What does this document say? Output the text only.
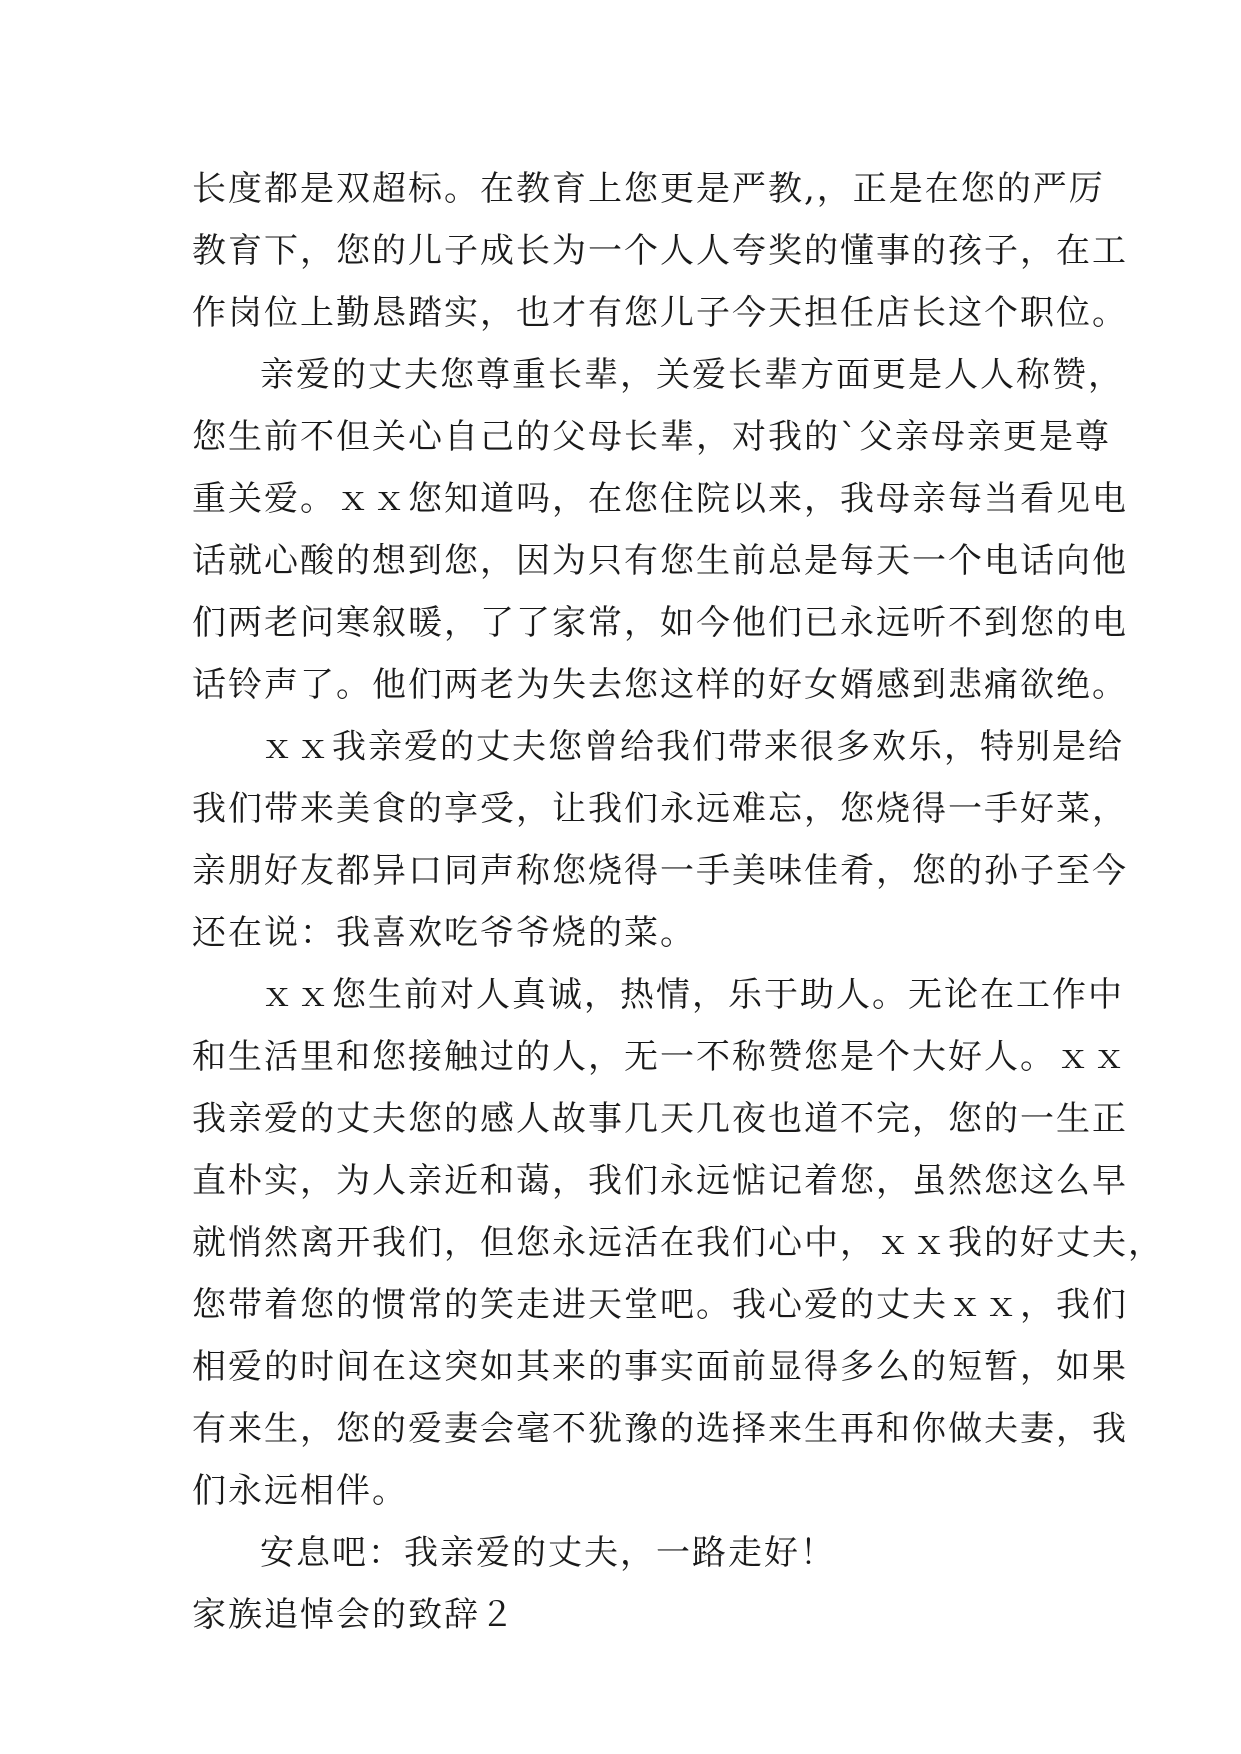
长度都是双超标。在教育上您更是严教,，正是在您的严厉
教育下，您的儿子成长为一个人人夸奖的懂事的孩子，在工
作岗位上勤恳踏实，也才有您儿子今天担任店长这个职位。
亲爱的丈夫您尊重长辈，关爱长辈方面更是人人称赞，
您生前不但关心自己的父母长辈，对我的`父亲母亲更是尊
重关爱。ｘｘ您知道吗，在您住院以来，我母亲每当看见电
话就心酸的想到您，因为只有您生前总是每天一个电话向他
们两老问寒叙暖，了了家常，如今他们已永远听不到您的电
话铃声了。他们两老为失去您这样的好女婿感到悲痛欲绝。
ｘｘ我亲爱的丈夫您曾给我们带来很多欢乐，特别是给
我们带来美食的享受，让我们永远难忘，您烧得一手好菜，
亲朋好友都异口同声称您烧得一手美味佳肴，您的孙子至今
还在说：我喜欢吃爷爷烧的菜。
ｘｘ您生前对人真诚，热情，乐于助人。无论在工作中
和生活里和您接触过的人，无一不称赞您是个大好人。ｘｘ
我亲爱的丈夫您的感人故事几天几夜也道不完，您的一生正
直朴实，为人亲近和蔼，我们永远惦记着您，虽然您这么早
就悄然离开我们，但您永远活在我们心中，ｘｘ我的好丈夫，
您带着您的惯常的笑走进天堂吧。我心爱的丈夫ｘｘ，我们
相爱的时间在这突如其来的事实面前显得多么的短暂，如果
有来生，您的爱妻会毫不犹豫的选择来生再和你做夫妻，我
们永远相伴。
安息吧：我亲爱的丈夫，一路走好！
家族追悼会的致辞２
